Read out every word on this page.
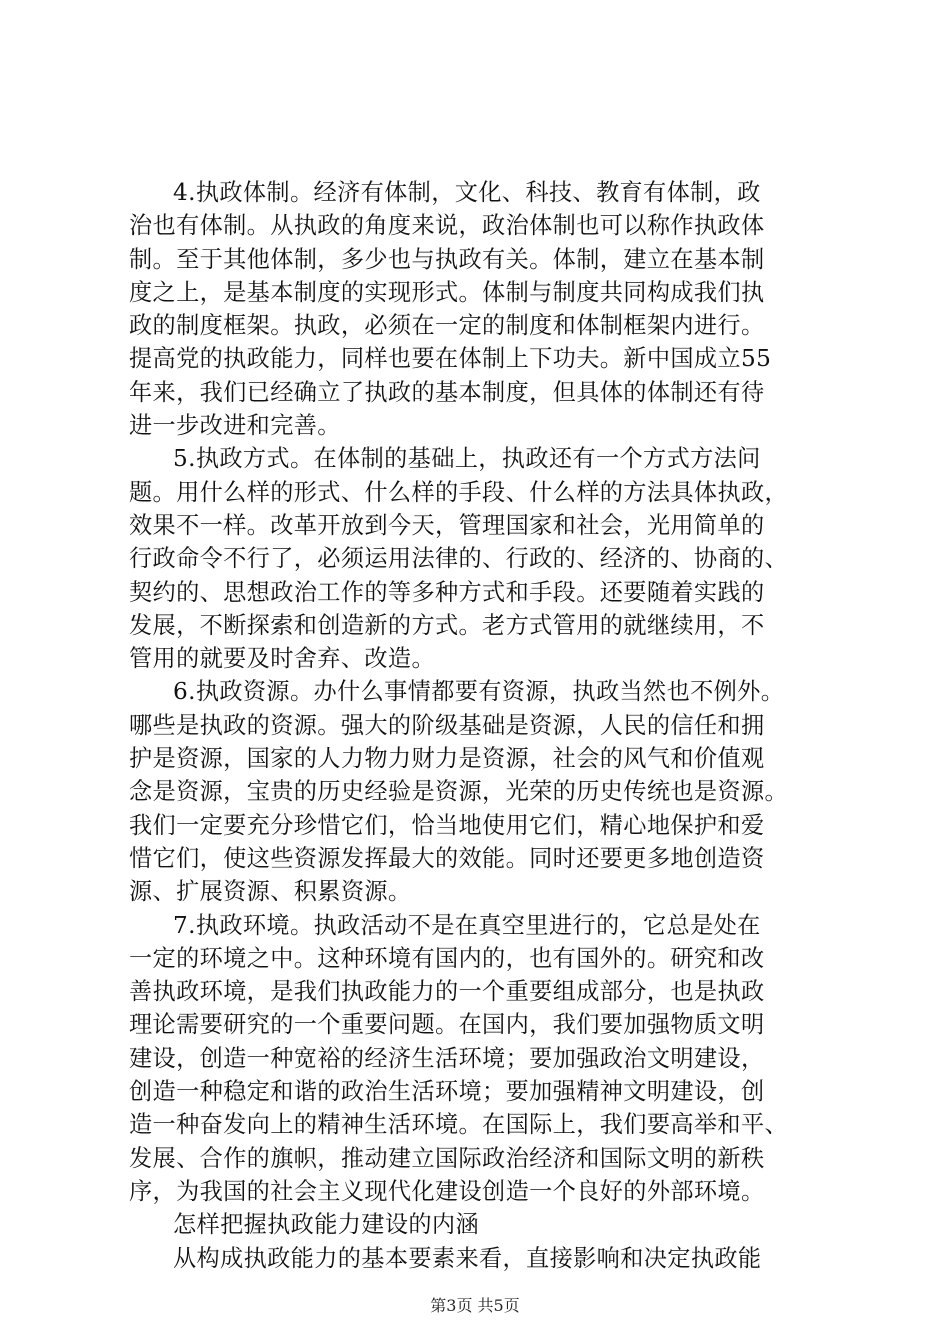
4.执政体制。经济有体制，文化、科技、教育有体制，政
治也有体制。从执政的角度来说，政治体制也可以称作执政体
制。至于其他体制，多少也与执政有关。体制，建立在基本制
度之上，是基本制度的实现形式。体制与制度共同构成我们执
政的制度框架。执政，必须在一定的制度和体制框架内进行。
提高党的执政能力，同样也要在体制上下功夫。新中国成立55
年来，我们已经确立了执政的基本制度，但具体的体制还有待
进一步改进和完善。
5.执政方式。在体制的基础上，执政还有一个方式方法问
题。用什么样的形式、什么样的手段、什么样的方法具体执政，
效果不一样。改革开放到今天，管理国家和社会，光用简单的
行政命令不行了，必须运用法律的、行政的、经济的、协商的、
契约的、思想政治工作的等多种方式和手段。还要随着实践的
发展，不断探索和创造新的方式。老方式管用的就继续用，不
管用的就要及时舍弃、改造。
6.执政资源。办什么事情都要有资源，执政当然也不例外。
哪些是执政的资源。强大的阶级基础是资源，人民的信任和拥
护是资源，国家的人力物力财力是资源，社会的风气和价值观
念是资源，宝贵的历史经验是资源，光荣的历史传统也是资源。
我们一定要充分珍惜它们，恰当地使用它们，精心地保护和爱
惜它们，使这些资源发挥最大的效能。同时还要更多地创造资
源、扩展资源、积累资源。
7.执政环境。执政活动不是在真空里进行的，它总是处在
一定的环境之中。这种环境有国内的，也有国外的。研究和改
善执政环境，是我们执政能力的一个重要组成部分，也是执政
理论需要研究的一个重要问题。在国内，我们要加强物质文明
建设，创造一种宽裕的经济生活环境；要加强政治文明建设，
创造一种稳定和谐的政治生活环境；要加强精神文明建设，创
造一种奋发向上的精神生活环境。在国际上，我们要高举和平、
发展、合作的旗帜，推动建立国际政治经济和国际文明的新秩
序，为我国的社会主义现代化建设创造一个良好的外部环境。
怎样把握执政能力建设的内涵
从构成执政能力的基本要素来看，直接影响和决定执政能
第3页 共5页
